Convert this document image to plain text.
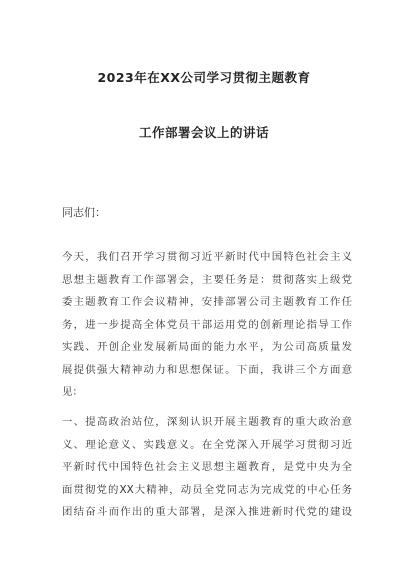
2023年在XX公司学习贯彻主题教育
工作部署会议上的讲话
同志们：
今天，我们召开学习贯彻习近平新时代中国特色社会主义
思想主题教育工作部署会，主要任务是：贯彻落实上级党
委主题教育工作会议精神，安排部署公司主题教育工作任
务，进一步提高全体党员干部运用党的创新理论指导工作
实践、开创企业发展新局面的能力水平，为公司高质量发
展提供强大精神动力和思想保证。下面，我讲三个方面意
见：
一、提高政治站位，深刻认识开展主题教育的重大政治意
义、理论意义、实践意义。在全党深入开展学习贯彻习近
平新时代中国特色社会主义思想主题教育，是党中央为全
面贯彻党的XX大精神，动员全党同志为完成党的中心任务
团结奋斗而作出的重大部署，是深入推进新时代党的建设
